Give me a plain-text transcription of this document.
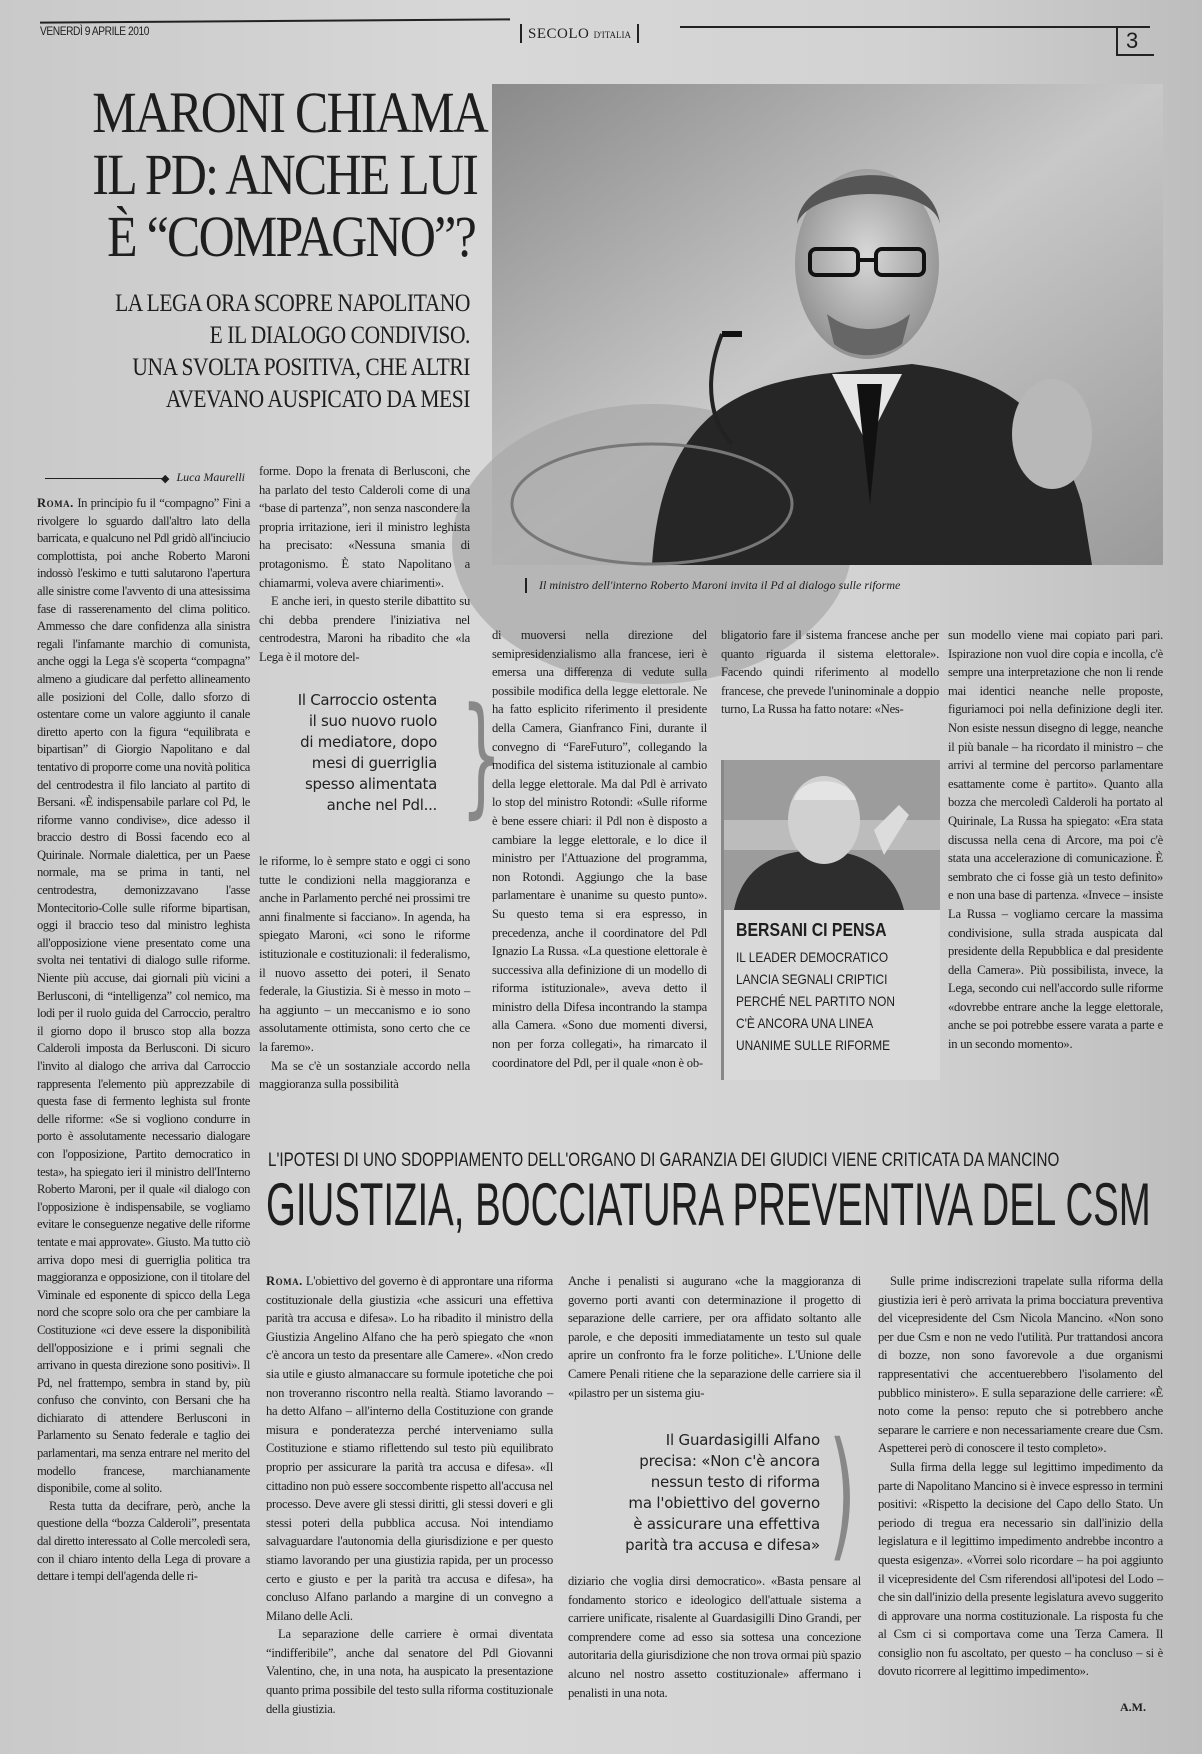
VENERDÌ 9 APRILE 2010	SECOLO D'ITALIA	3
MARONI CHIAMA
IL PD: ANCHE LUI
È “COMPAGNO”?
LA LEGA ORA SCOPRE NAPOLITANO
E IL DIALOGO CONDIVISO.
UNA SVOLTA POSITIVA, CHE ALTRI
AVEVANO AUSPICATO DA MESI
Il ministro dell'interno Roberto Maroni invita il Pd al dialogo sulle riforme
◆ Luca Maurelli

Roma. In principio fu il “compagno” Fini a rivolgere lo sguardo dall'altro lato della barricata, e qualcuno nel Pdl gridò all'inciucio complottista, poi anche Roberto Maroni indossò l'eskimo e tutti salutarono l'apertura alle sinistre come l'avvento di una attesissima fase di rasserenamento del clima politico. Ammesso che dare confidenza alla sinistra regali l'infamante marchio di comunista, anche oggi la Lega s'è scoperta “compagna” almeno a giudicare dal perfetto allineamento alle posizioni del Colle, dallo sforzo di ostentare come un valore aggiunto il canale diretto aperto con la figura “equilibrata e bipartisan” di Giorgio Napolitano e dal tentativo di proporre come una novità politica del centrodestra il filo lanciato al partito di Bersani. «È indispensabile parlare col Pd, le riforme vanno condivise», dice adesso il braccio destro di Bossi facendo eco al Quirinale. Normale dialettica, per un Paese normale, ma se prima in tanti, nel centrodestra, demonizzavano l'asse Montecitorio-Colle sulle riforme bipartisan, oggi il braccio teso dal ministro leghista all'opposizione viene presentato come una svolta nei tentativi di dialogo sulle riforme. Niente più accuse, dai giornali più vicini a Berlusconi, di “intelligenza” col nemico, ma lodi per il ruolo guida del Carroccio, peraltro il giorno dopo il brusco stop alla bozza Calderoli imposta da Berlusconi. Di sicuro l'invito al dialogo che arriva dal Carroccio rappresenta l'elemento più apprezzabile di questa fase di fermento leghista sul fronte delle riforme: «Se si vogliono condurre in porto è assolutamente necessario dialogare con l'opposizione, Partito democratico in testa», ha spiegato ieri il ministro dell'Interno Roberto Maroni, per il quale «il dialogo con l'opposizione è indispensabile, se vogliamo evitare le conseguenze negative delle riforme tentate e mai approvate». Giusto. Ma tutto ciò arriva dopo mesi di guerriglia politica tra maggioranza e opposizione, con il titolare del Viminale ed esponente di spicco della Lega nord che scopre solo ora che per cambiare la Costituzione «ci deve essere la disponibilità dell'opposizione e i primi segnali che arrivano in questa direzione sono positivi». Il Pd, nel frattempo, sembra in stand by, più confuso che convinto, con Bersani che ha dichiarato di attendere Berlusconi in Parlamento su Senato federale e taglio dei parlamentari, ma senza entrare nel merito del modello francese, marchianamente disponibile, come al solito.

Resta tutta da decifrare, però, anche la questione della “bozza Calderoli”, presentata dal diretto interessato al Colle mercoledì sera, con il chiaro intento della Lega di provare a dettare i tempi dell'agenda delle ri-

forme. Dopo la frenata di Berlusconi, che ha parlato del testo Calderoli come di una “base di partenza”, non senza nascondere la propria irritazione, ieri il ministro leghista ha precisato: «Nessuna smania di protagonismo. È stato Napolitano a chiamarmi, voleva avere chiarimenti».

E anche ieri, in questo sterile dibattito su chi debba prendere l'iniziativa nel centrodestra, Maroni ha ribadito che «la Lega è il motore del-

Il Carroccio ostenta
il suo nuovo ruolo
di mediatore, dopo
mesi di guerriglia
spesso alimentata
anche nel Pdl... }

le riforme, lo è sempre stato e oggi ci sono tutte le condizioni nella maggioranza e anche in Parlamento perché nei prossimi tre anni finalmente si facciano». In agenda, ha spiegato Maroni, «ci sono le riforme istituzionale e costituzionali: il federalismo, il nuovo assetto dei poteri, il Senato federale, la Giustizia. Si è messo in moto – ha aggiunto – un meccanismo e io sono assolutamente ottimista, sono certo che ce la faremo».

Ma se c'è un sostanziale accordo nella maggioranza sulla possibilità

di muoversi nella direzione del semipresidenzialismo alla francese, ieri è emersa una differenza di vedute sulla possibile modifica della legge elettorale. Ne ha fatto esplicito riferimento il presidente della Camera, Gianfranco Fini, durante il convegno di “FareFuturo”, collegando la modifica del sistema istituzionale al cambio della legge elettorale. Ma dal Pdl è arrivato lo stop del ministro Rotondi: «Sulle riforme è bene essere chiari: il Pdl non è disposto a cambiare la legge elettorale, e lo dice il ministro per l'Attuazione del programma, non Rotondi. Aggiungo che la base parlamentare è unanime su questo punto». Su questo tema si era espresso, in precedenza, anche il coordinatore del Pdl Ignazio La Russa. «La questione elettorale è successiva alla definizione di un modello di riforma istituzionale», aveva detto il ministro della Difesa incontrando la stampa alla Camera. «Sono due momenti diversi, non per forza collegati», ha rimarcato il coordinatore del Pdl, per il quale «non è ob-

bligatorio fare il sistema francese anche per quanto riguarda il sistema elettorale». Facendo quindi riferimento al modello francese, che prevede l'uninominale a doppio turno, La Russa ha fatto notare: «Nes-

BERSANI CI PENSA
IL LEADER DEMOCRATICO
LANCIA SEGNALI CRIPTICI
PERCHÉ NEL PARTITO NON
C'È ANCORA UNA LINEA
UNANIME SULLE RIFORME

sun modello viene mai copiato pari pari. Ispirazione non vuol dire copia e incolla, c'è sempre una interpretazione che non li rende mai identici neanche nelle proposte, figuriamoci poi nella definizione degli iter. Non esiste nessun disegno di legge, neanche il più banale – ha ricordato il ministro – che arrivi al termine del percorso parlamentare esattamente come è partito». Quanto alla bozza che mercoledì Calderoli ha portato al Quirinale, La Russa ha spiegato: «Era stata discussa nella cena di Arcore, ma poi c'è stata una accelerazione di comunicazione. È sembrato che ci fosse già un testo definito» e non una base di partenza. «Invece – insiste La Russa – vogliamo cercare la massima condivisione, sulla strada auspicata dal presidente della Repubblica e dal presidente della Camera». Più possibilista, invece, la Lega, secondo cui nell'accordo sulle riforme «dovrebbe entrare anche la legge elettorale, anche se poi potrebbe essere varata a parte e in un secondo momento».

L'IPOTESI DI UNO SDOPPIAMENTO DELL'ORGANO DI GARANZIA DEI GIUDICI VIENE CRITICATA DA MANCINO
GIUSTIZIA, BOCCIATURA PREVENTIVA DEL CSM

Roma. L'obiettivo del governo è di approntare una riforma costituzionale della giustizia «che assicuri una effettiva parità tra accusa e difesa». Lo ha ribadito il ministro della Giustizia Angelino Alfano che ha però spiegato che «non c'è ancora un testo da presentare alle Camere». «Non credo sia utile e giusto almanaccare su formule ipotetiche che poi non troveranno riscontro nella realtà. Stiamo lavorando – ha detto Alfano – all'interno della Costituzione con grande misura e ponderatezza perché interveniamo sulla Costituzione e stiamo riflettendo sul testo più equilibrato proprio per assicurare la parità tra accusa e difesa». «Il cittadino non può essere soccombente rispetto all'accusa nel processo. Deve avere gli stessi diritti, gli stessi doveri e gli stessi poteri della pubblica accusa. Noi intendiamo salvaguardare l'autonomia della giurisdizione e per questo stiamo lavorando per una giustizia rapida, per un processo certo e giusto e per la parità tra accusa e difesa», ha concluso Alfano parlando a margine di un convegno a Milano delle Acli.

La separazione delle carriere è ormai diventata “indifferibile”, anche dal senatore del Pdl Giovanni Valentino, che, in una nota, ha auspicato la presentazione quanto prima possibile del testo sulla riforma costituzionale della giustizia.

Anche i penalisti si augurano «che la maggioranza di governo porti avanti con determinazione il progetto di separazione delle carriere, per ora affidato soltanto alle parole, e che depositi immediatamente un testo sul quale aprire un confronto fra le forze politiche». L'Unione delle Camere Penali ritiene che la separazione delle carriere sia il «pilastro per un sistema giu-

Il Guardasigilli Alfano
precisa: «Non c'è ancora
nessun testo di riforma
ma l'obiettivo del governo
è assicurare una effettiva
parità tra accusa e difesa» )

diziario che voglia dirsi democratico». «Basta pensare al fondamento storico e ideologico dell'attuale sistema a carriere unificate, risalente al Guardasigilli Dino Grandi, per comprendere come ad esso sia sottesa una concezione autoritaria della giurisdizione che non trova ormai più spazio alcuno nel nostro assetto costituzionale» affermano i penalisti in una nota.

Sulle prime indiscrezioni trapelate sulla riforma della giustizia ieri è però arrivata la prima bocciatura preventiva del vicepresidente del Csm Nicola Mancino. «Non sono per due Csm e non ne vedo l'utilità. Pur trattandosi ancora di bozze, non sono favorevole a due organismi rappresentativi che accentuerebbero l'isolamento del pubblico ministero». E sulla separazione delle carriere: «È noto come la penso: reputo che si potrebbero anche separare le carriere e non necessariamente creare due Csm. Aspetterei però di conoscere il testo completo».

Sulla firma della legge sul legittimo impedimento da parte di Napolitano Mancino si è invece espresso in termini positivi: «Rispetto la decisione del Capo dello Stato. Un periodo di tregua era necessario sin dall'inizio della legislatura e il legittimo impedimento andrebbe incontro a questa esigenza». «Vorrei solo ricordare – ha poi aggiunto il vicepresidente del Csm riferendosi all'ipotesi del Lodo – che sin dall'inizio della presente legislatura avevo suggerito di approvare una norma costituzionale. La risposta fu che al Csm ci si comportava come una Terza Camera. Il consiglio non fu ascoltato, per questo – ha concluso – si è dovuto ricorrere al legittimo impedimento».

A.M.
